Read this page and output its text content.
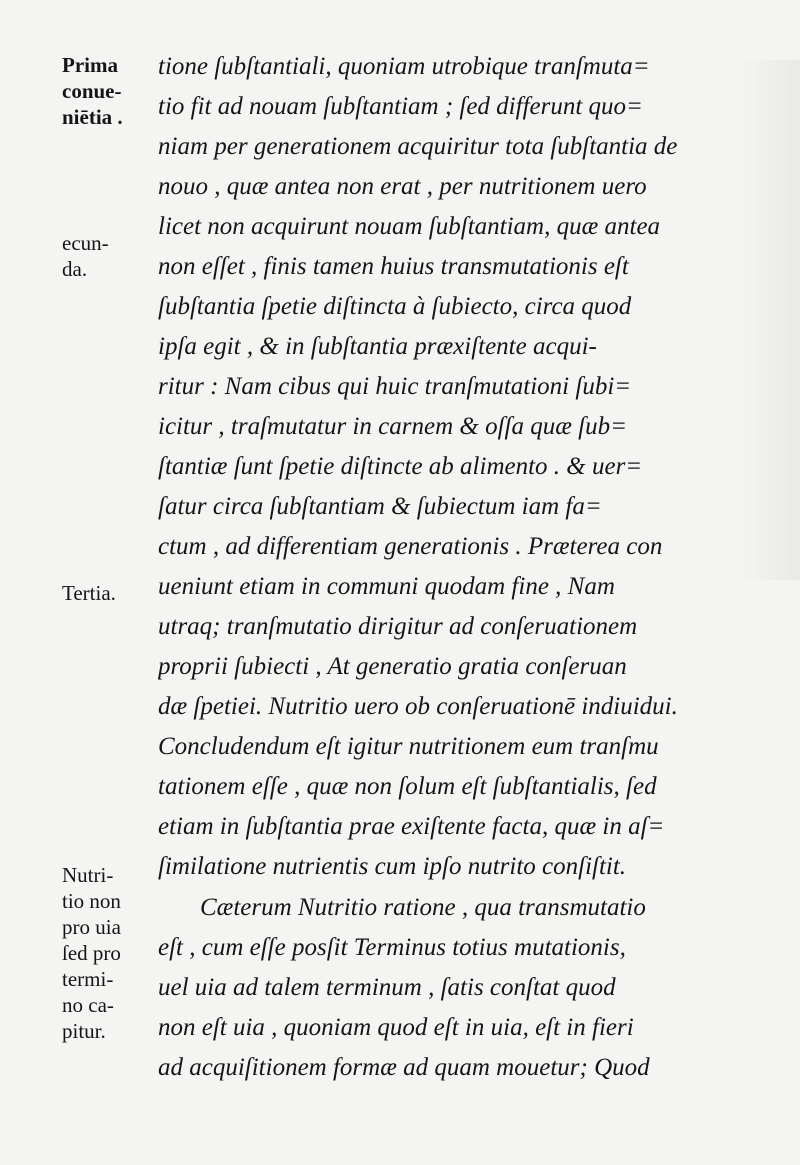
Prima
conue-
niētia .
ecun-
da.
Tertia.
Nutri-
tio non
pro uia
ſed pro
termi-
no ca-
pitur.
tione ſubſtantiali, quoniam utrobique tranſmuta=
tio fit ad nouam ſubſtantiam ; ſed differunt quo=
niam per generationem acquiritur tota ſubſtantia de
nouo , quæ antea non erat , per nutritionem uero
licet non acquirunt nouam ſubſtantiam, quæ antea
non eſſet , finis tamen huius transmutationis eſt
ſubſtantia ſpetie diſtincta à ſubiecto, circa quod
ipſa egit , & in ſubſtantia præxiſtente acqui-
ritur : Nam cibus qui huic tranſmutationi ſubi=
icitur , traſmutatur in carnem & oſſa quæ ſub=
ſtantiæ ſunt ſpetie diſtincte ab alimento . & uer=
ſatur circa ſubſtantiam & ſubiectum iam fa=
ctum , ad differentiam generationis . Præterea con
ueniunt etiam in communi quodam fine , Nam
utraq; tranſmutatio dirigitur ad conſeruationem
proprii ſubiecti , At generatio gratia conſeruan
dæ ſpetiei. Nutritio uero ob conſeruationē indiuidui.
Concludendum eſt igitur nutritionem eum tranſmu
tationem eſſe , quæ non ſolum eſt ſubſtantialis, ſed
etiam in ſubſtantia prae exiſtente facta, quæ in aſ=
ſimilatione nutrientis cum ipſo nutrito conſiſtit.
Cæterum Nutritio ratione , qua transmutatio
eſt , cum eſſe posſit Terminus totius mutationis,
uel uia ad talem terminum , ſatis conſtat quod
non eſt uia , quoniam quod eſt in uia, eſt in fieri
ad acquiſitionem formæ ad quam mouetur; Quod
